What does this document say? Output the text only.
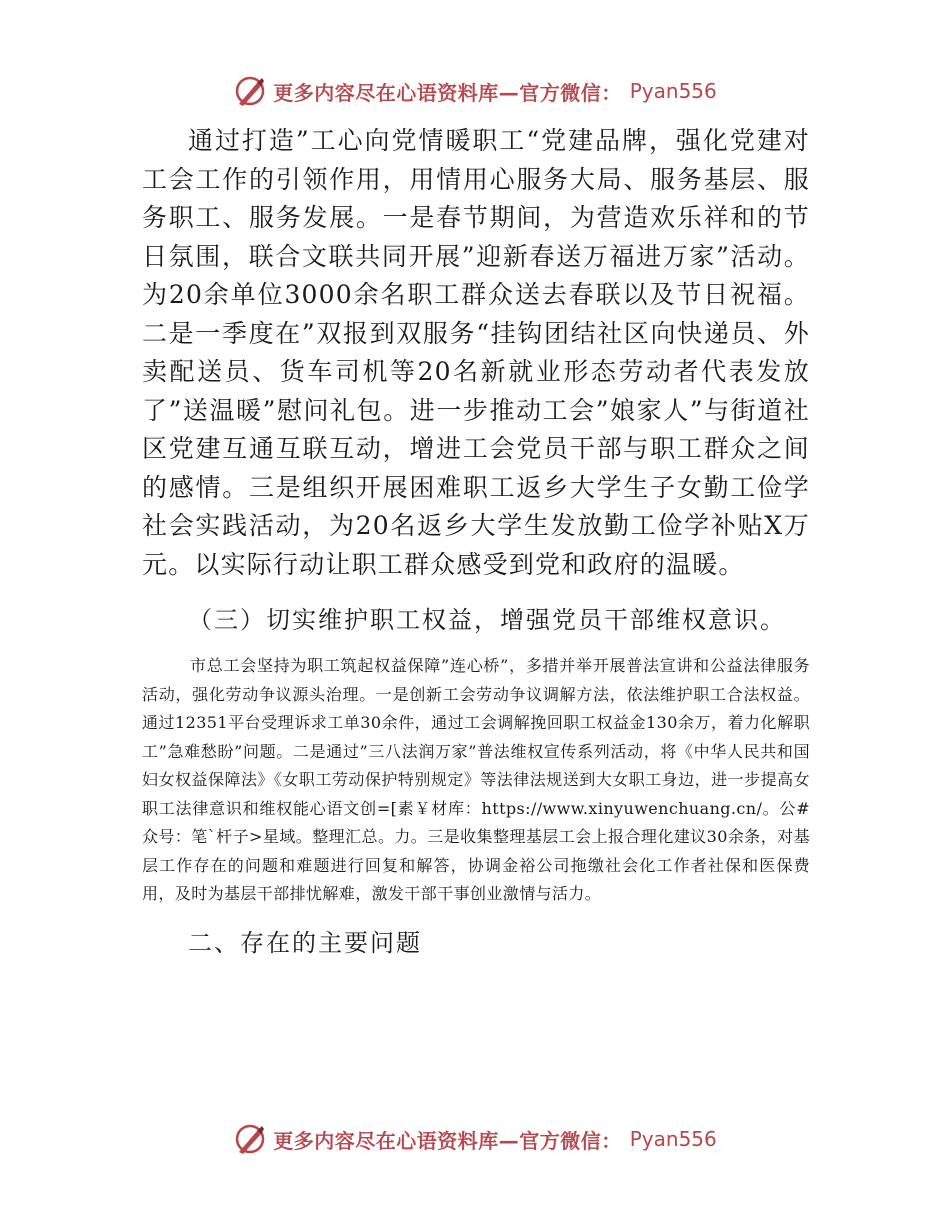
更多内容尽在心语资料库—官方微信： Pyan556

通过打造”工心向党情暖职工“党建品牌，强化党建对工会工作的引领作用，用情用心服务大局、服务基层、服务职工、服务发展。一是春节期间，为营造欢乐祥和的节日氛围，联合文联共同开展”迎新春送万福进万家”活动。为20余单位3000余名职工群众送去春联以及节日祝福。二是一季度在”双报到双服务“挂钩团结社区向快递员、外卖配送员、货车司机等20名新就业形态劳动者代表发放了”送温暖”慰问礼包。进一步推动工会”娘家人”与街道社区党建互通互联互动，增进工会党员干部与职工群众之间的感情。三是组织开展困难职工返乡大学生子女勤工俭学社会实践活动，为20名返乡大学生发放勤工俭学补贴X万元。以实际行动让职工群众感受到党和政府的温暖。

（三）切实维护职工权益，增强党员干部维权意识。

市总工会坚持为职工筑起权益保障”连心桥”，多措并举开展普法宣讲和公益法律服务活动，强化劳动争议源头治理。一是创新工会劳动争议调解方法，依法维护职工合法权益。通过12351平台受理诉求工单30余件，通过工会调解挽回职工权益金130余万，着力化解职工”急难愁盼”问题。二是通过”三八法润万家”普法维权宣传系列活动，将《中华人民共和国妇女权益保障法》《女职工劳动保护特别规定》等法律法规送到大女职工身边，进一步提高女职工法律意识和维权能心语文创=[素￥材库：https://www.xinyuwenchuang.cn/。公#众号：笔`杆子>星域。整理汇总。力。三是收集整理基层工会上报合理化建议30余条，对基层工作存在的问题和难题进行回复和解答，协调金裕公司拖缴社会化工作者社保和医保费用，及时为基层干部排忧解难，激发干部干事创业激情与活力。

二、存在的主要问题

更多内容尽在心语资料库—官方微信： Pyan556
